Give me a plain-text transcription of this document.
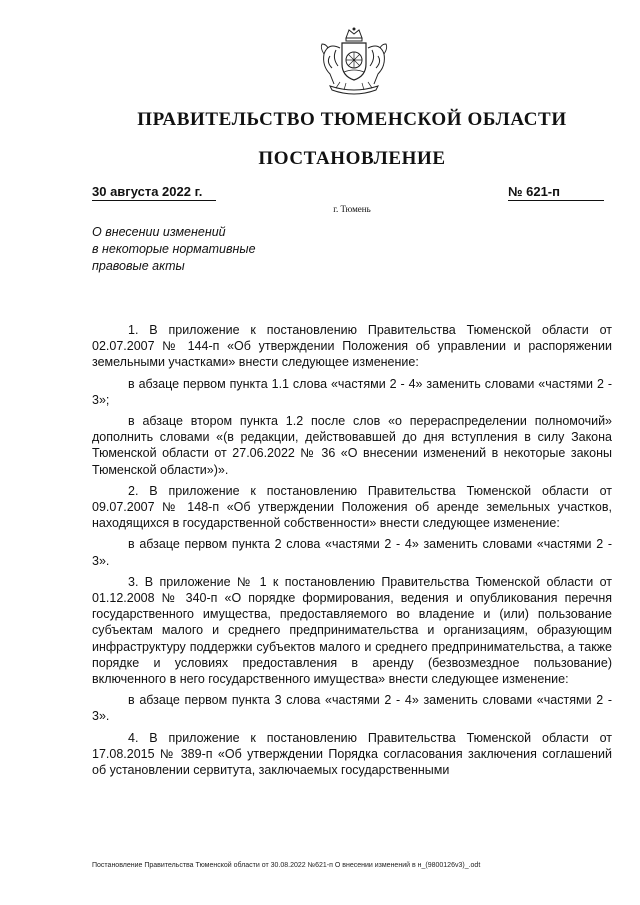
ПРАВИТЕЛЬСТВО ТЮМЕНСКОЙ ОБЛАСТИ
ПОСТАНОВЛЕНИЕ
30 августа 2022 г.	№ 621-п
г. Тюмень
О внесении изменений
в некоторые нормативные
правовые акты

1. В приложение к постановлению Правительства Тюменской области от 02.07.2007 № 144-п «Об утверждении Положения об управлении и распоряжении земельными участками» внести следующее изменение:

в абзаце первом пункта 1.1 слова «частями 2 - 4» заменить словами «частями 2 - 3»;

в абзаце втором пункта 1.2 после слов «о перераспределении полномочий» дополнить словами «(в редакции, действовавшей до дня вступления в силу Закона Тюменской области от 27.06.2022 № 36 «О внесении изменений в некоторые законы Тюменской области»)».

2. В приложение к постановлению Правительства Тюменской области от 09.07.2007 № 148-п «Об утверждении Положения об аренде земельных участков, находящихся в государственной собственности» внести следующее изменение:

в абзаце первом пункта 2 слова «частями 2 - 4» заменить словами «частями 2 - 3».

3. В приложение № 1 к постановлению Правительства Тюменской области от 01.12.2008 № 340-п «О порядке формирования, ведения и опубликования перечня государственного имущества, предоставляемого во владение и (или) пользование субъектам малого и среднего предпринимательства и организациям, образующим инфраструктуру поддержки субъектов малого и среднего предпринимательства, а также порядке и условиях предоставления в аренду (безвозмездное пользование) включенного в него государственного имущества» внести следующее изменение:

в абзаце первом пункта 3 слова «частями 2 - 4» заменить словами «частями 2 - 3».

4. В приложение к постановлению Правительства Тюменской области от 17.08.2015 № 389-п «Об утверждении Порядка согласования заключения соглашений об установлении сервитута, заключаемых государственными

Постановление Правительства Тюменской области от 30.08.2022 №621-п О внесении изменений в н_(9800126v3)_.odt
